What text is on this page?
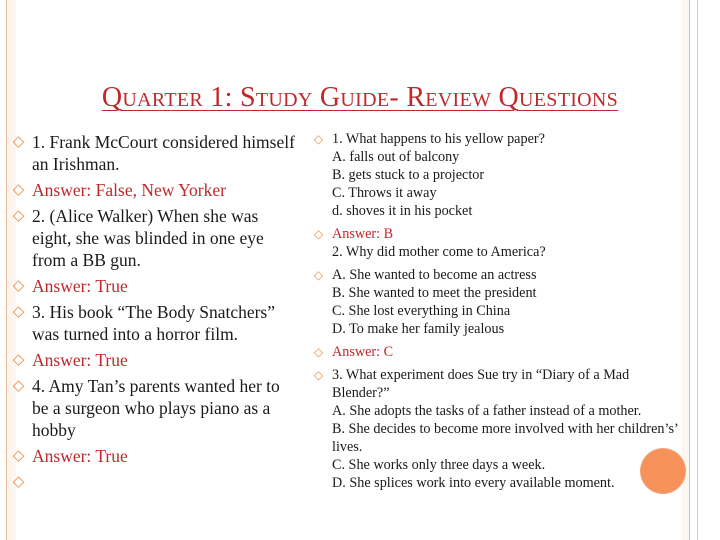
Quarter 1: Study Guide- Review Questions
◇ 1. Frank McCourt considered himself an Irishman.
◇ Answer: False, New Yorker
◇ 2. (Alice Walker) When she was eight, she was blinded in one eye from a BB gun.
◇ Answer: True
◇ 3. His book “The Body Snatchers” was turned into a horror film.
◇ Answer: True
◇ 4. Amy Tan’s parents wanted her to be a surgeon who plays piano as a hobby
◇ Answer: True
◇
◇ 1. What happens to his yellow paper?
A. falls out of balcony
B. gets stuck to a projector
C. Throws it away
d. shoves it in his pocket
◇ Answer: B
2. Why did mother come to America?
◇ A. She wanted to become an actress
B. She wanted to meet the president
C. She lost everything in China
D. To make her family jealous
◇ Answer: C
◇ 3. What experiment does Sue try in “Diary of a Mad Blender?”
A. She adopts the tasks of a father instead of a mother.
B. She decides to become more involved with her children’s’ lives.
C. She works only three days a week.
D. She splices work into every available moment.
